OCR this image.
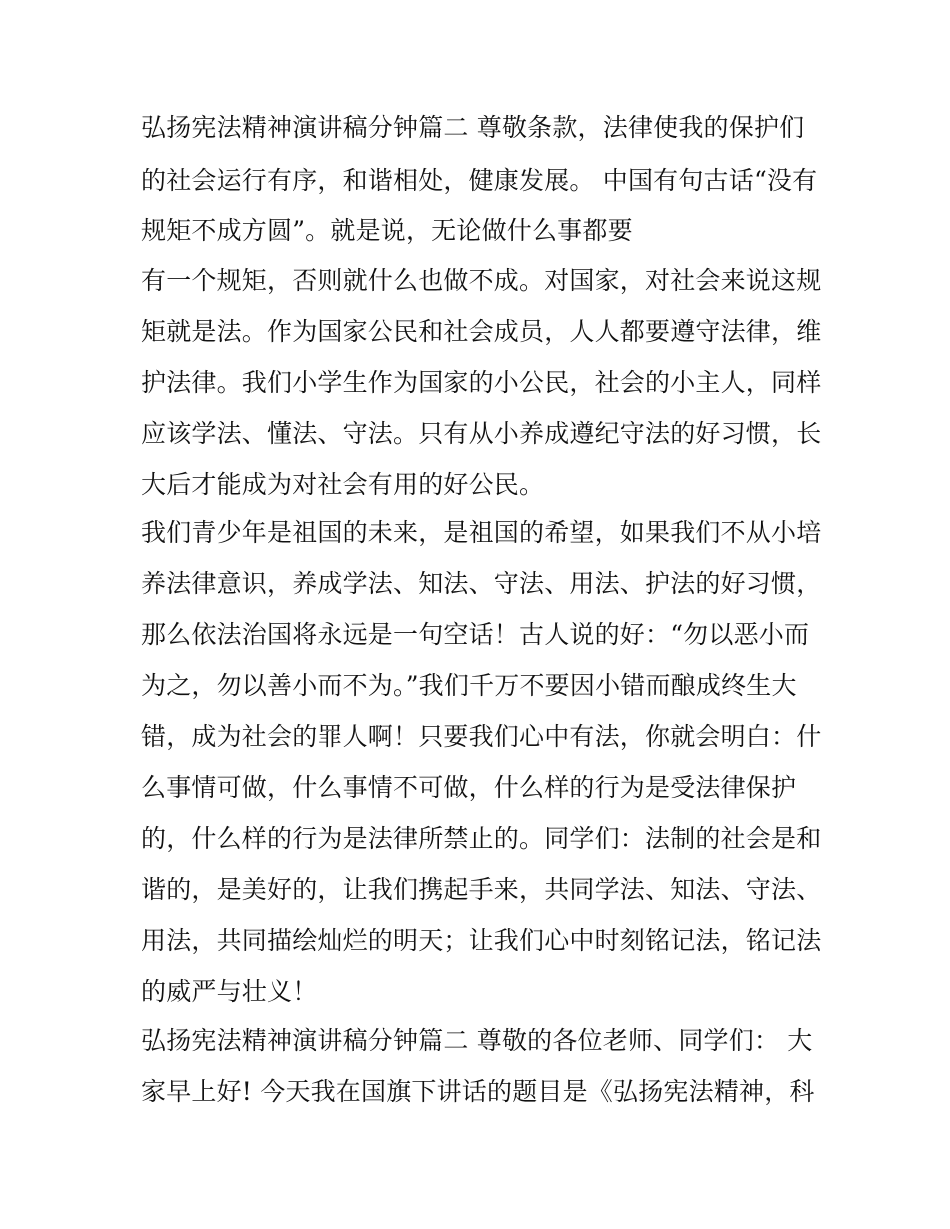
弘扬宪法精神演讲稿分钟篇二 尊敬条款，法律使我的保护们
的社会运行有序，和谐相处，健康发展。 中国有句古话“没有
规矩不成方圆”。就是说，无论做什么事都要
有一个规矩，否则就什么也做不成。对国家，对社会来说这规
矩就是法。作为国家公民和社会成员，人人都要遵守法律，维
护法律。我们小学生作为国家的小公民，社会的小主人，同样
应该学法、懂法、守法。只有从小养成遵纪守法的好习惯，长
大后才能成为对社会有用的好公民。
我们青少年是祖国的未来，是祖国的希望，如果我们不从小培
养法律意识，养成学法、知法、守法、用法、护法的好习惯，
那么依法治国将永远是一句空话！古人说的好：“勿以恶小而
为之，勿以善小而不为。”我们千万不要因小错而酿成终生大
错，成为社会的罪人啊！只要我们心中有法，你就会明白：什
么事情可做，什么事情不可做，什么样的行为是受法律保护
的，什么样的行为是法律所禁止的。同学们：法制的社会是和
谐的，是美好的，让我们携起手来，共同学法、知法、守法、
用法，共同描绘灿烂的明天；让我们心中时刻铭记法，铭记法
的威严与壮义！
弘扬宪法精神演讲稿分钟篇二 尊敬的各位老师、同学们： 大
家早上好! 今天我在国旗下讲话的题目是《弘扬宪法精神，科
